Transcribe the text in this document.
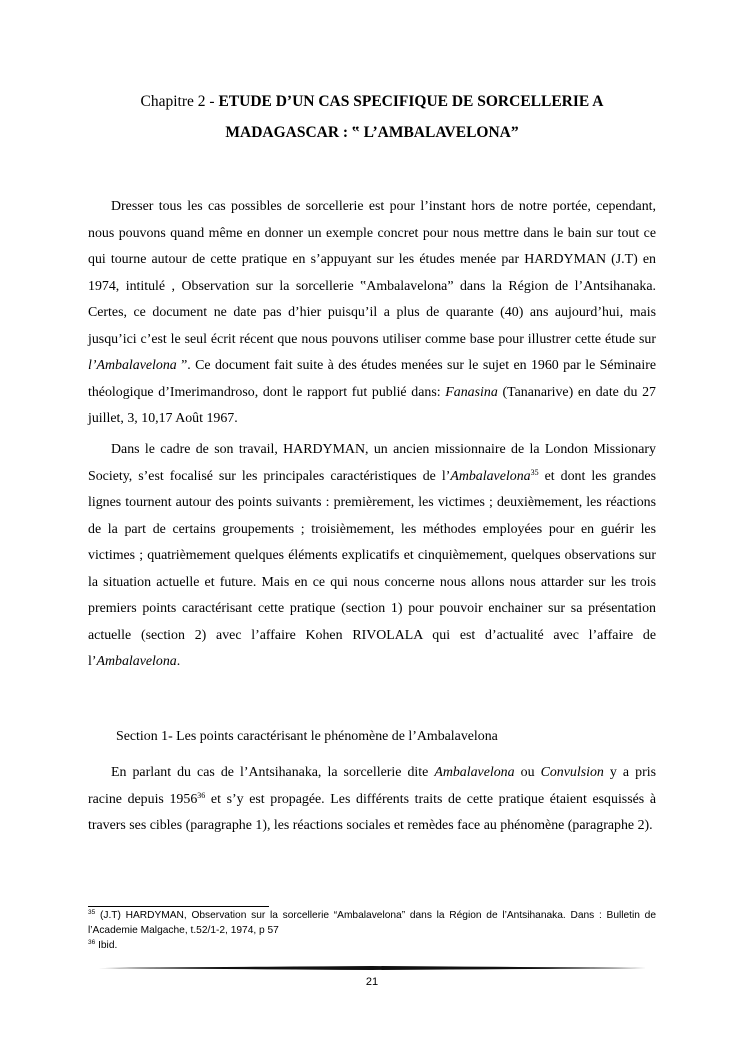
Chapitre 2 - ETUDE D’UN CAS SPECIFIQUE DE SORCELLERIE A
MADAGASCAR : ‟ L’AMBALAVELONA”

Dresser tous les cas possibles de sorcellerie est pour l’instant hors de notre portée, cependant, nous pouvons quand même en donner un exemple concret pour nous mettre dans le bain sur tout ce qui tourne autour de cette pratique en s’appuyant sur les études menée par HARDYMAN (J.T) en 1974, intitulé , Observation sur la sorcellerie ‟Ambalavelona” dans la Région de l’Antsihanaka. Certes, ce document ne date pas d’hier puisqu’il a plus de quarante (40) ans aujourd’hui, mais jusqu’ici c’est le seul écrit récent que nous pouvons utiliser comme base pour illustrer cette étude sur l’Ambalavelona ”. Ce document fait suite à des études menées sur le sujet en 1960 par le Séminaire théologique d’Imerimandroso, dont le rapport fut publié dans: Fanasina (Tananarive) en date du 27 juillet, 3, 10,17 Août 1967.

Dans le cadre de son travail, HARDYMAN, un ancien missionnaire de la London Missionary Society, s’est focalisé sur les principales caractéristiques de l’Ambalavelona$^{35}$ et dont les grandes lignes tournent autour des points suivants : premièrement, les victimes ; deuxièmement, les réactions de la part de certains groupements ; troisièmement, les méthodes employées pour en guérir les victimes ; quatrièmement quelques éléments explicatifs et cinquièmement, quelques observations sur la situation actuelle et future. Mais en ce qui nous concerne nous allons nous attarder sur les trois premiers points caractérisant cette pratique (section 1) pour pouvoir enchainer sur sa présentation actuelle (section 2) avec l’affaire Kohen RIVOLALA qui est d’actualité avec l’affaire de l’Ambalavelona.

Section 1- Les points caractérisant le phénomène de l’Ambalavelona

En parlant du cas de l’Antsihanaka, la sorcellerie dite Ambalavelona ou Convulsion y a pris racine depuis 1956$^{36}$ et s’y est propagée. Les différents traits de cette pratique étaient esquissés à travers ses cibles (paragraphe 1), les réactions sociales et remèdes face au phénomène (paragraphe 2).

$^{35}$ (J.T) HARDYMAN, Observation sur la sorcellerie “Ambalavelona” dans la Région de l’Antsihanaka. Dans : Bulletin de l’Academie Malgache, t.52/1-2, 1974, p 57

$^{36}$ Ibid.

21
